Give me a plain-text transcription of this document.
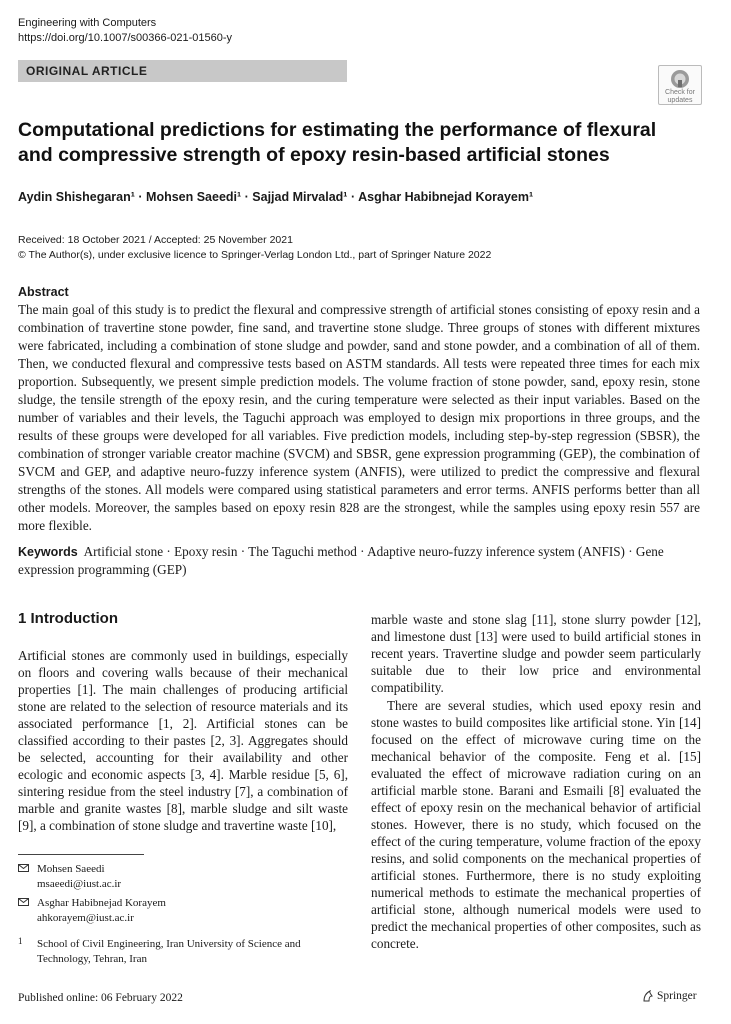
Engineering with Computers
https://doi.org/10.1007/s00366-021-01560-y
ORIGINAL ARTICLE
Check for
updates
Computational predictions for estimating the performance of flexural and compressive strength of epoxy resin-based artificial stones
Aydin Shishegaran¹ · Mohsen Saeedi¹ · Sajjad Mirvalad¹ · Asghar Habibnejad Korayem¹
Received: 18 October 2021 / Accepted: 25 November 2021
© The Author(s), under exclusive licence to Springer-Verlag London Ltd., part of Springer Nature 2022
Abstract
The main goal of this study is to predict the flexural and compressive strength of artificial stones consisting of epoxy resin and a combination of travertine stone powder, fine sand, and travertine stone sludge. Three groups of stones with different mixtures were fabricated, including a combination of stone sludge and powder, sand and stone powder, and a combination of all of them. Then, we conducted flexural and compressive tests based on ASTM standards. All tests were repeated three times for each mix proportion. Subsequently, we present simple prediction models. The volume fraction of stone powder, sand, epoxy resin, stone sludge, the tensile strength of the epoxy resin, and the curing temperature were selected as their input variables. Based on the number of variables and their levels, the Taguchi approach was employed to design mix proportions in three groups, and the results of these groups were developed for all variables. Five prediction models, including step-by-step regression (SBSR), the combination of stronger variable creator machine (SVCM) and SBSR, gene expression programming (GEP), the combination of SVCM and GEP, and adaptive neuro-fuzzy inference system (ANFIS), were utilized to predict the compressive and flexural strengths of the stones. All models were compared using statistical parameters and error terms. ANFIS performs better than all other models. Moreover, the samples based on epoxy resin 828 are the strongest, while the samples using epoxy resin 557 are more flexible.
Keywords Artificial stone · Epoxy resin · The Taguchi method · Adaptive neuro-fuzzy inference system (ANFIS) · Gene expression programming (GEP)
1 Introduction

Artificial stones are commonly used in buildings, especially on floors and covering walls because of their mechanical properties [1]. The main challenges of producing artificial stone are related to the selection of resource materials and its associated performance [1, 2]. Artificial stones can be classified according to their pastes [2, 3]. Aggregates should be selected, accounting for their availability and other ecologic and economic aspects [3, 4]. Marble residue [5, 6], sintering residue from the steel industry [7], a combination of marble and granite wastes [8], marble sludge and silt waste [9], a combination of stone sludge and travertine waste [10],

marble waste and stone slag [11], stone slurry powder [12], and limestone dust [13] were used to build artificial stones in recent years. Travertine sludge and powder seem particularly suitable due to their low price and environmental compatibility.

There are several studies, which used epoxy resin and stone wastes to build composites like artificial stone. Yin [14] focused on the effect of microwave curing time on the mechanical behavior of the composite. Feng et al. [15] evaluated the effect of microwave radiation curing on an artificial marble stone. Barani and Esmaili [8] evaluated the effect of epoxy resin on the mechanical behavior of artificial stones. However, there is no study, which focused on the effect of the curing temperature, volume fraction of the epoxy resins, and solid components on the mechanical properties of artificial stones. Furthermore, there is no study exploiting numerical methods to estimate the mechanical properties of artificial stone, although numerical models were used to predict the mechanical properties of other composites, such as concrete.

Mohsen Saeedi
msaeedi@iust.ac.ir
Asghar Habibnejad Korayem
ahkorayem@iust.ac.ir
1 School of Civil Engineering, Iran University of Science and Technology, Tehran, Iran
Published online: 06 February 2022	Springer
